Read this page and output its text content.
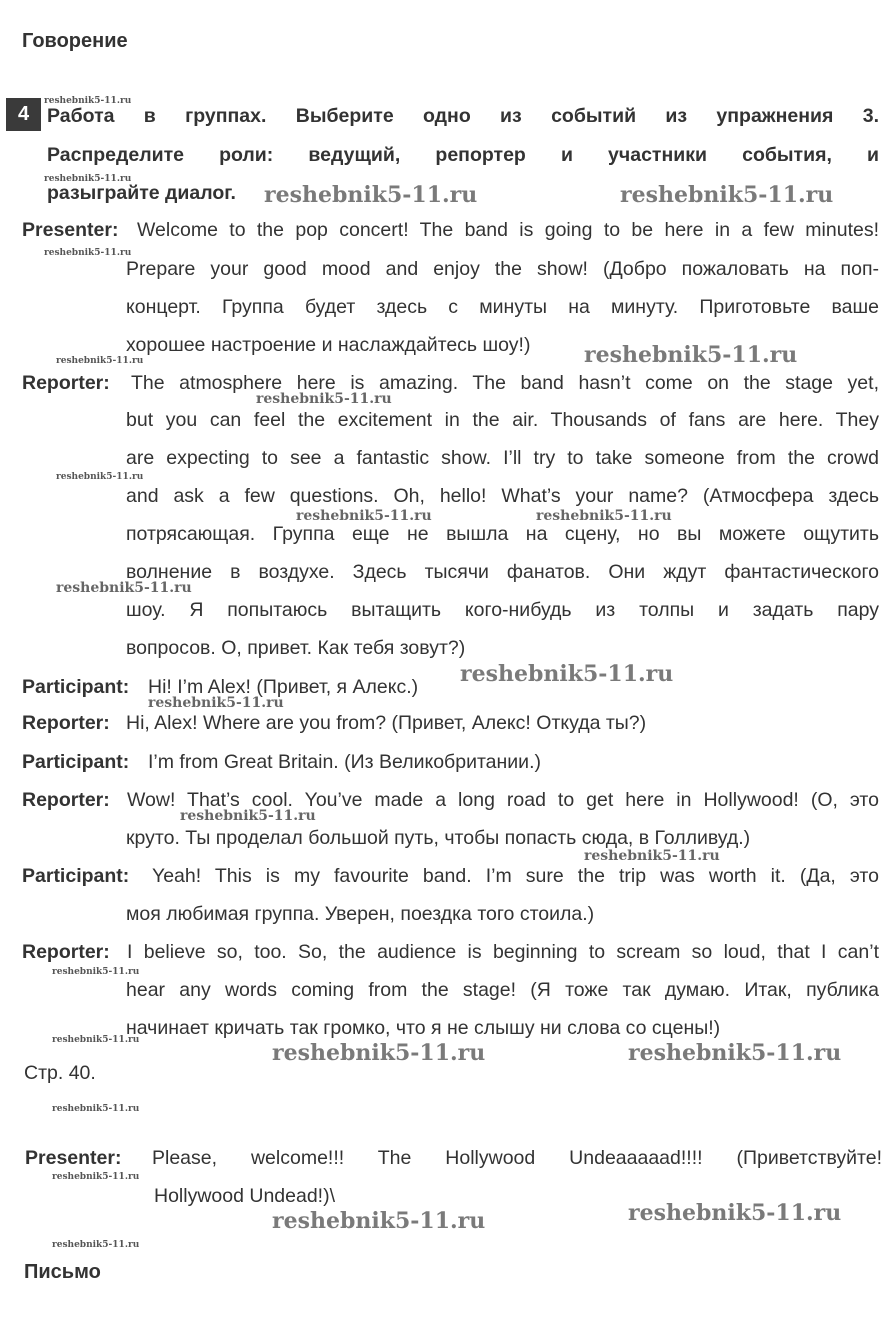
Говорение
4 Работа в группах. Выберите одно из событий из упражнения 3.
Распределите роли: ведущий, репортер и участники события, и
разыграйте диалог.
Presenter: Welcome to the pop concert! The band is going to be here in a few minutes!
Prepare your good mood and enjoy the show! (Добро пожаловать на поп-
концерт. Группа будет здесь с минуты на минуту. Приготовьте ваше
хорошее настроение и наслаждайтесь шоу!)
Reporter: The atmosphere here is amazing. The band hasn’t come on the stage yet,
but you can feel the excitement in the air. Thousands of fans are here. They
are expecting to see a fantastic show. I’ll try to take someone from the crowd
and ask a few questions. Oh, hello! What’s your name? (Атмосфера здесь
потрясающая. Группа еще не вышла на сцену, но вы можете ощутить
волнение в воздухе. Здесь тысячи фанатов. Они ждут фантастического
шоу. Я попытаюсь вытащить кого-нибудь из толпы и задать пару
вопросов. О, привет. Как тебя зовут?)
Participant: Hi! I’m Alex! (Привет, я Алекс.)
Reporter: Hi, Alex! Where are you from? (Привет, Алекс! Откуда ты?)
Participant: I’m from Great Britain. (Из Великобритании.)
Reporter: Wow! That’s cool. You’ve made a long road to get here in Hollywood! (О, это
круто. Ты проделал большой путь, чтобы попасть сюда, в Голливуд.)
Participant: Yeah! This is my favourite band. I’m sure the trip was worth it. (Да, это
моя любимая группа. Уверен, поездка того стоила.)
Reporter: I believe so, too. So, the audience is beginning to scream so loud, that I can’t
hear any words coming from the stage! (Я тоже так думаю. Итак, публика
начинает кричать так громко, что я не слышу ни слова со сцены!)
Стр. 40.
Presenter: Please, welcome!!! The Hollywood Undeaaaaad!!!! (Приветствуйте!
Hollywood Undead!)\
Письмо
reshebnik5-11.ru
reshebnik5-11.ru
reshebnik5-11.ru	reshebnik5-11.ru
reshebnik5-11.ru
reshebnik5-11.ru	reshebnik5-11.ru
reshebnik5-11.ru
reshebnik5-11.ru
reshebnik5-11.ru	reshebnik5-11.ru
reshebnik5-11.ru
reshebnik5-11.ru
reshebnik5-11.ru
reshebnik5-11.ru
reshebnik5-11.ru
reshebnik5-11.ru
reshebnik5-11.ru	reshebnik5-11.ru	reshebnik5-11.ru
reshebnik5-11.ru
reshebnik5-11.ru
reshebnik5-11.ru	reshebnik5-11.ru
reshebnik5-11.ru
